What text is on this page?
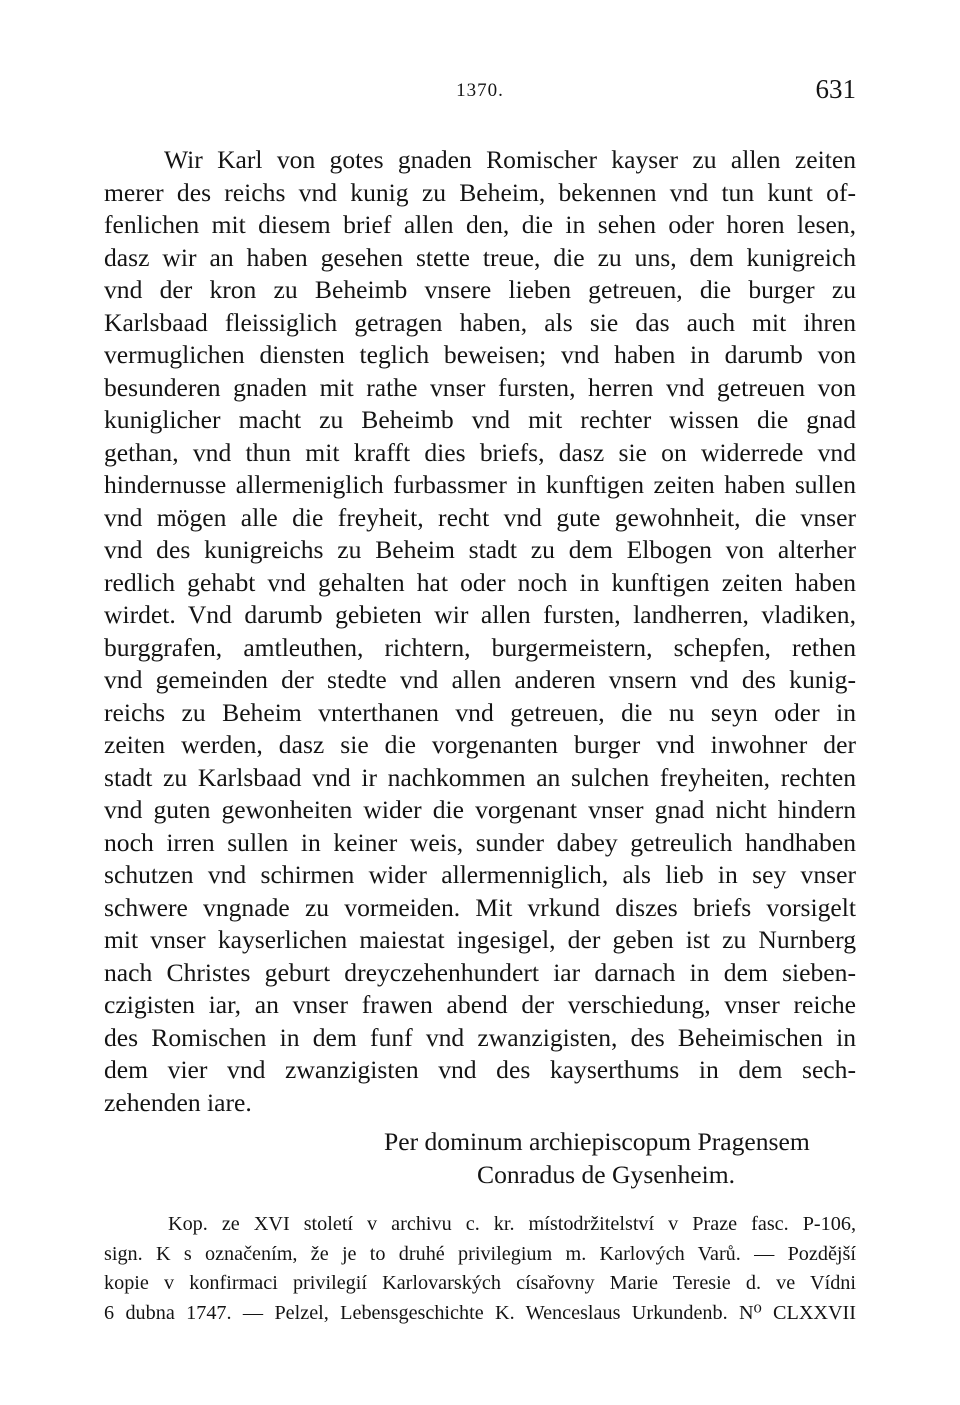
1370.	631
Wir Karl von gotes gnaden Romischer kayser zu allen zeiten
merer des reichs vnd kunig zu Beheim, bekennen vnd tun kunt of-
fenlichen mit diesem brief allen den, die in sehen oder horen lesen,
dasz wir an haben gesehen stette treue, die zu uns, dem kunigreich
vnd der kron zu Beheimb vnsere lieben getreuen, die burger zu
Karlsbaad fleissiglich getragen haben, als sie das auch mit ihren
vermuglichen diensten teglich beweisen; vnd haben in darumb von
besunderen gnaden mit rathe vnser fursten, herren vnd getreuen von
kuniglicher macht zu Beheimb vnd mit rechter wissen die gnad
gethan, vnd thun mit krafft dies briefs, dasz sie on widerrede vnd
hindernusse allermeniglich furbassmer in kunftigen zeiten haben sullen
vnd mögen alle die freyheit, recht vnd gute gewohnheit, die vnser
vnd des kunigreichs zu Beheim stadt zu dem Elbogen von alterher
redlich gehabt vnd gehalten hat oder noch in kunftigen zeiten haben
wirdet. Vnd darumb gebieten wir allen fursten, landherren, vladiken,
burggrafen, amtleuthen, richtern, burgermeistern, schepfen, rethen
vnd gemeinden der stedte vnd allen anderen vnsern vnd des kunig-
reichs zu Beheim vnterthanen vnd getreuen, die nu seyn oder in
zeiten werden, dasz sie die vorgenanten burger vnd inwohner der
stadt zu Karlsbaad vnd ir nachkommen an sulchen freyheiten, rechten
vnd guten gewonheiten wider die vorgenant vnser gnad nicht hindern
noch irren sullen in keiner weis, sunder dabey getreulich handhaben
schutzen vnd schirmen wider allermenniglich, als lieb in sey vnser
schwere vngnade zu vormeiden. Mit vrkund diszes briefs vorsigelt
mit vnser kayserlichen maiestat ingesigel, der geben ist zu Nurnberg
nach Christes geburt dreyczehenhundert iar darnach in dem sieben-
czigisten iar, an vnser frawen abend der verschiedung, vnser reiche
des Romischen in dem funf vnd zwanzigisten, des Beheimischen in
dem vier vnd zwanzigisten vnd des kayserthums in dem sech-
zehenden iare.
Per dominum archiepiscopum Pragensem
Conradus de Gysenheim.
Kop. ze XVI století v archivu c. kr. místodržitelství v Praze fasc. P-106,
sign. K s označením, že je to druhé privilegium m. Karlových Varů. — Pozdější
kopie v konfirmaci privilegií Karlovarských císařovny Marie Teresie d. ve Vídni
6 dubna 1747. — Pelzel, Lebensgeschichte K. Wenceslaus Urkundenb. N⁰ CLXXVII
